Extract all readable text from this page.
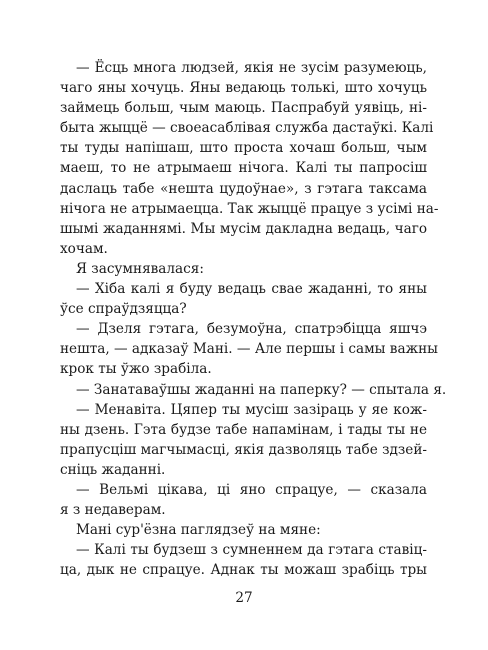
— Ёсць многа людзей, якія не зусім разумеюць,
чаго яны хочуць. Яны ведаюць толькі, што хочуць
займець больш, чым маюць. Паспрабуй уявіць, ні-
быта жыццё — своеасаблівая служба дастаўкі. Калі
ты туды напішаш, што проста хочаш больш, чым
маеш, то не атрымаеш нічога. Калі ты папросіш
даслаць табе «нешта цудоўнае», з гэтага таксама
нічога не атрымаецца. Так жыццё працуе з усімі на-
шымі жаданнямі. Мы мусім дакладна ведаць, чаго
хочам.
Я засумнявалася:
— Хіба калі я буду ведаць свае жаданні, то яны
ўсе спраўдзяцца?
— Дзеля гэтага, безумоўна, спатрэбіцца яшчэ
нешта, — адказаў Мані. — Але першы і самы важны
крок ты ўжо зрабіла.
— Занатаваўшы жаданні на паперку? — спытала я.
— Менавіта. Цяпер ты мусіш зазіраць у яе кож-
ны дзень. Гэта будзе табе напамінам, і тады ты не
прапусціш магчымасці, якія дазволяць табе здзей-
сніць жаданні.
— Вельмі цікава, ці яно спрацуе, — сказала
я з недаверам.
Мані сур'ёзна паглядзеў на мяне:
— Калі ты будзеш з сумненнем да гэтага ставіц-
ца, дык не спрацуе. Аднак ты можаш зрабіць тры
27
